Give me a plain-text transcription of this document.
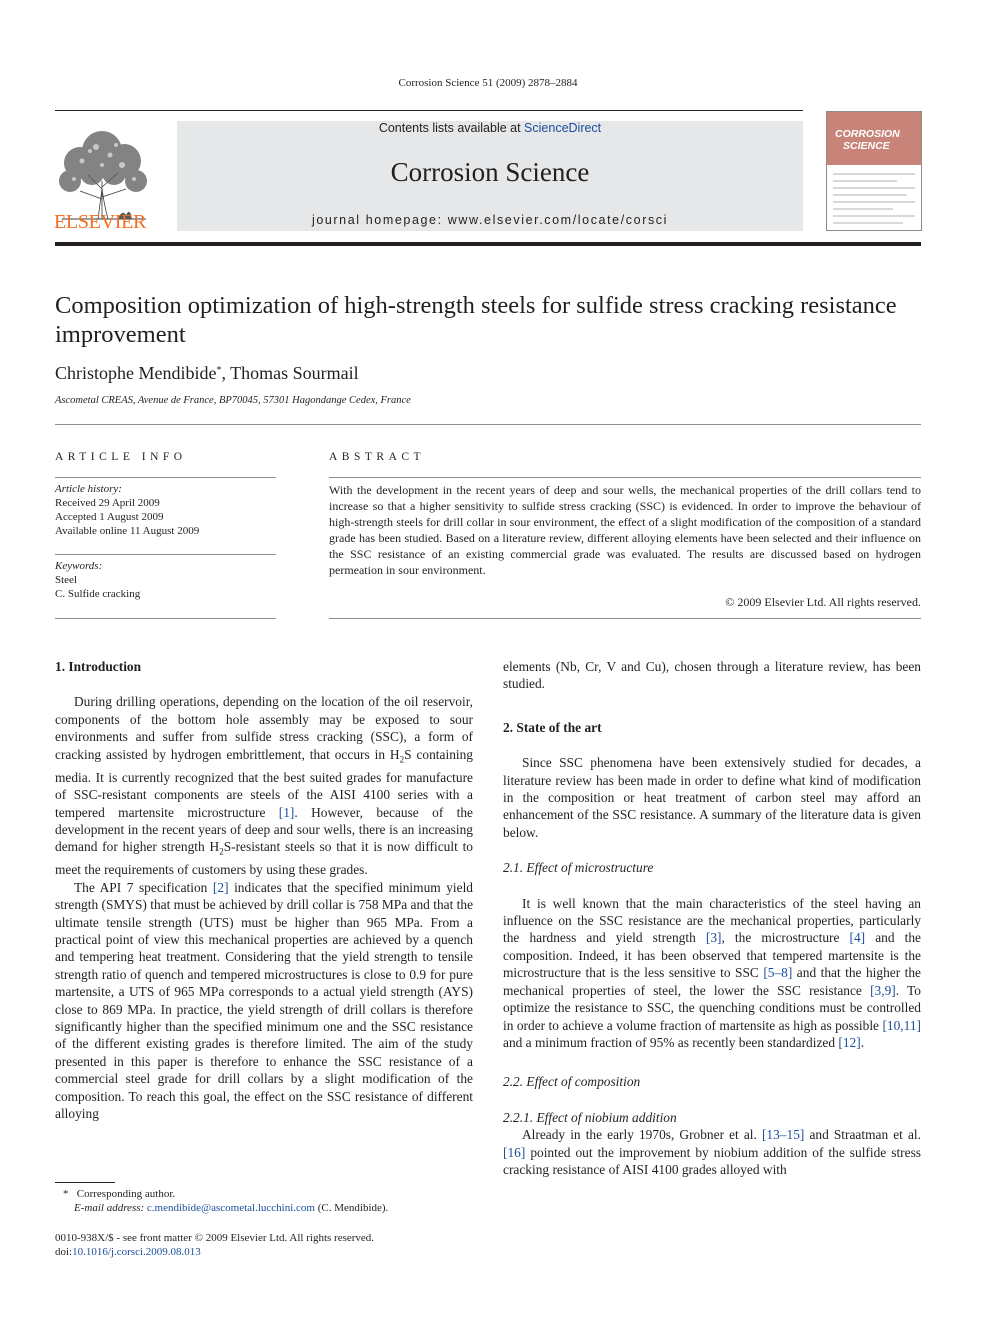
Corrosion Science 51 (2009) 2878–2884
ELSEVIER
Contents lists available at ScienceDirect
Corrosion Science
journal homepage: www.elsevier.com/locate/corsci
CORROSION
SCIENCE
Composition optimization of high-strength steels for sulfide stress cracking resistance improvement
Christophe Mendibide*, Thomas Sourmail
Ascometal CREAS, Avenue de France, BP70045, 57301 Hagondange Cedex, France
ARTICLE INFO
Article history:
Received 29 April 2009
Accepted 1 August 2009
Available online 11 August 2009
Keywords:
Steel
C. Sulfide cracking
ABSTRACT
With the development in the recent years of deep and sour wells, the mechanical properties of the drill collars tend to increase so that a higher sensitivity to sulfide stress cracking (SSC) is evidenced. In order to improve the behaviour of high-strength steels for drill collar in sour environment, the effect of a slight modification of the composition of a standard grade has been studied. Based on a literature review, different alloying elements have been selected and their influence on the SSC resistance of an existing commercial grade was evaluated. The results are discussed based on hydrogen permeation in sour environment.
© 2009 Elsevier Ltd. All rights reserved.
1. Introduction

During drilling operations, depending on the location of the oil reservoir, components of the bottom hole assembly may be exposed to sour environments and suffer from sulfide stress cracking (SSC), a form of cracking assisted by hydrogen embrittlement, that occurs in $H_2S$ containing media. It is currently recognized that the best suited grades for manufacture of SSC-resistant components are steels of the AISI 4100 series with a tempered martensite microstructure [1]. However, because of the development in the recent years of deep and sour wells, there is an increasing demand for higher strength $H_2S$-resistant steels so that it is now difficult to meet the requirements of customers by using these grades.

The API 7 specification [2] indicates that the specified minimum yield strength (SMYS) that must be achieved by drill collar is 758 MPa and that the ultimate tensile strength (UTS) must be higher than 965 MPa. From a practical point of view this mechanical properties are achieved by a quench and tempering heat treatment. Considering that the yield strength to tensile strength ratio of quench and tempered microstructures is close to 0.9 for pure martensite, a UTS of 965 MPa corresponds to a actual yield strength (AYS) close to 869 MPa. In practice, the yield strength of drill collars is therefore significantly higher than the specified minimum one and the SSC resistance of the different existing grades is therefore limited. The aim of the study presented in this paper is therefore to enhance the SSC resistance of a commercial steel grade for drill collars by a slight modification of the composition. To reach this goal, the effect on the SSC resistance of different alloying

* Corresponding author.
E-mail address: c.mendibide@ascometal.lucchini.com (C. Mendibide).
0010-938X/$ - see front matter © 2009 Elsevier Ltd. All rights reserved.
doi:10.1016/j.corsci.2009.08.013

elements (Nb, Cr, V and Cu), chosen through a literature review, has been studied.

2. State of the art

Since SSC phenomena have been extensively studied for decades, a literature review has been made in order to define what kind of modification in the composition or heat treatment of carbon steel may afford an enhancement of the SSC resistance. A summary of the literature data is given below.

2.1. Effect of microstructure

It is well known that the main characteristics of the steel having an influence on the SSC resistance are the mechanical properties, particularly the hardness and yield strength [3], the microstructure [4] and the composition. Indeed, it has been observed that tempered martensite is the microstructure that is the less sensitive to SSC [5–8] and that the higher the mechanical properties of steel, the lower the SSC resistance [3,9]. To optimize the resistance to SSC, the quenching conditions must be controlled in order to achieve a volume fraction of martensite as high as possible [10,11] and a minimum fraction of 95% as recently been standardized [12].

2.2. Effect of composition
2.2.1. Effect of niobium addition

Already in the early 1970s, Grobner et al. [13–15] and Straatman et al. [16] pointed out the improvement by niobium addition of the sulfide stress cracking resistance of AISI 4100 grades alloyed with
